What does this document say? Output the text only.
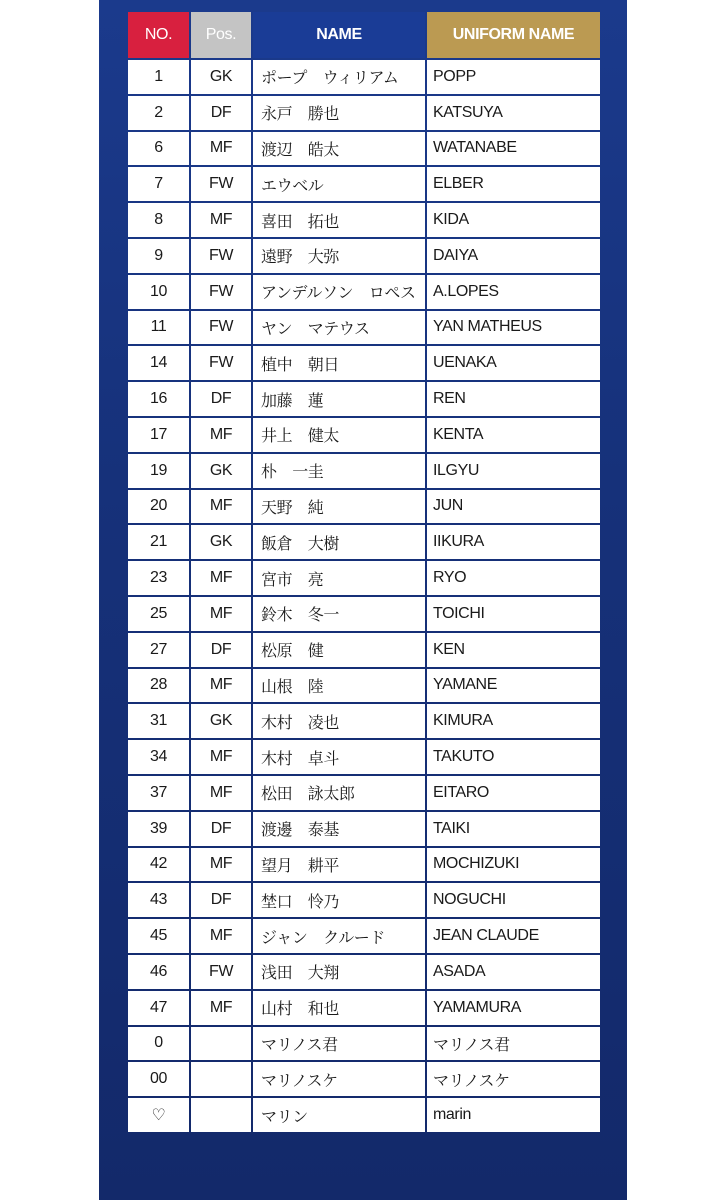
NO.	Pos.	NAME	UNIFORM NAME
1	GK	ポープ　ウィリアム	POPP
2	DF	永戸　勝也	KATSUYA
6	MF	渡辺　皓太	WATANABE
7	FW	エウベル	ELBER
8	MF	喜田　拓也	KIDA
9	FW	遠野　大弥	DAIYA
10	FW	アンデルソン　ロペス	A.LOPES
11	FW	ヤン　マテウス	YAN MATHEUS
14	FW	植中　朝日	UENAKA
16	DF	加藤　蓮	REN
17	MF	井上　健太	KENTA
19	GK	朴　一圭	ILGYU
20	MF	天野　純	JUN
21	GK	飯倉　大樹	IIKURA
23	MF	宮市　亮	RYO
25	MF	鈴木　冬一	TOICHI
27	DF	松原　健	KEN
28	MF	山根　陸	YAMANE
31	GK	木村　凌也	KIMURA
34	MF	木村　卓斗	TAKUTO
37	MF	松田　詠太郎	EITARO
39	DF	渡邊　泰基	TAIKI
42	MF	望月　耕平	MOCHIZUKI
43	DF	埜口　怜乃	NOGUCHI
45	MF	ジャン　クルード	JEAN CLAUDE
46	FW	浅田　大翔	ASADA
47	MF	山村　和也	YAMAMURA
0		マリノス君	マリノス君
00		マリノスケ	マリノスケ
♡		マリン	marin
